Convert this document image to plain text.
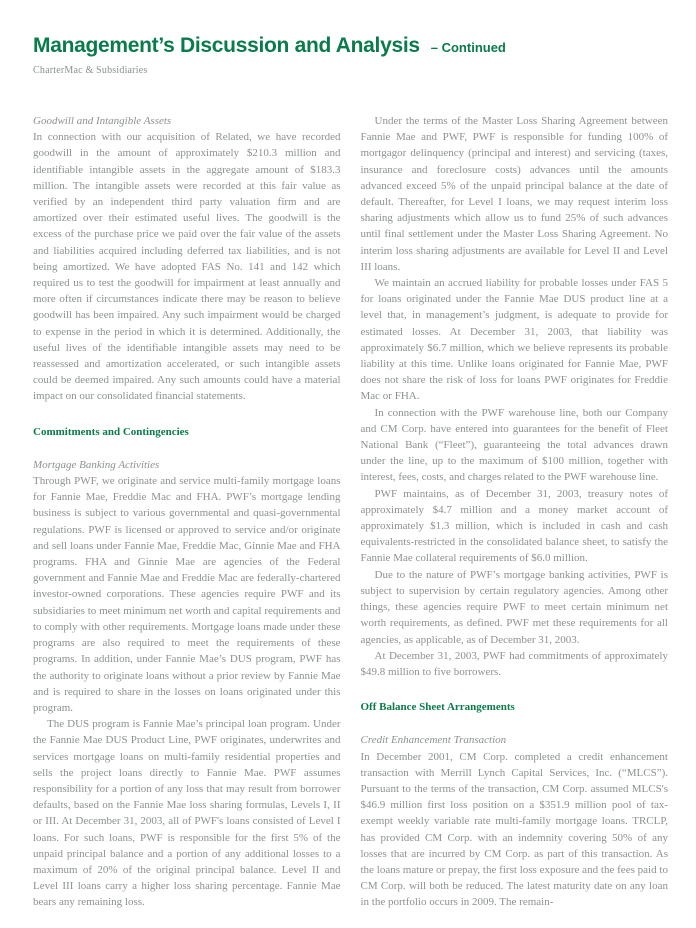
Management’s Discussion and Analysis – Continued
CharterMac & Subsidiaries
Goodwill and Intangible Assets
In connection with our acquisition of Related, we have recorded goodwill in the amount of approximately $210.3 million and identifiable intangible assets in the aggregate amount of $183.3 million. The intangible assets were recorded at this fair value as verified by an independent third party valuation firm and are amortized over their estimated useful lives. The goodwill is the excess of the purchase price we paid over the fair value of the assets and liabilities acquired including deferred tax liabilities, and is not being amortized. We have adopted FAS No. 141 and 142 which required us to test the goodwill for impairment at least annually and more often if circumstances indicate there may be reason to believe goodwill has been impaired. Any such impairment would be charged to expense in the period in which it is determined. Additionally, the useful lives of the identifiable intangible assets may need to be reassessed and amortization accelerated, or such intangible assets could be deemed impaired. Any such amounts could have a material impact on our consolidated financial statements.
Commitments and Contingencies
Mortgage Banking Activities
Through PWF, we originate and service multi-family mortgage loans for Fannie Mae, Freddie Mac and FHA. PWF’s mortgage lending business is subject to various governmental and quasi-governmental regulations. PWF is licensed or approved to service and/or originate and sell loans under Fannie Mae, Freddie Mac, Ginnie Mae and FHA programs. FHA and Ginnie Mae are agencies of the Federal government and Fannie Mae and Freddie Mac are federally-chartered investor-owned corporations. These agencies require PWF and its subsidiaries to meet minimum net worth and capital requirements and to comply with other requirements. Mortgage loans made under these programs are also required to meet the requirements of these programs. In addition, under Fannie Mae’s DUS program, PWF has the authority to originate loans without a prior review by Fannie Mae and is required to share in the losses on loans originated under this program.
The DUS program is Fannie Mae’s principal loan program. Under the Fannie Mae DUS Product Line, PWF originates, underwrites and services mortgage loans on multi-family residential properties and sells the project loans directly to Fannie Mae. PWF assumes responsibility for a portion of any loss that may result from borrower defaults, based on the Fannie Mae loss sharing formulas, Levels I, II or III. At December 31, 2003, all of PWF's loans consisted of Level I loans. For such loans, PWF is responsible for the first 5% of the unpaid principal balance and a portion of any additional losses to a maximum of 20% of the original principal balance. Level II and Level III loans carry a higher loss sharing percentage. Fannie Mae bears any remaining loss.
Under the terms of the Master Loss Sharing Agreement between Fannie Mae and PWF, PWF is responsible for funding 100% of mortgagor delinquency (principal and interest) and servicing (taxes, insurance and foreclosure costs) advances until the amounts advanced exceed 5% of the unpaid principal balance at the date of default. Thereafter, for Level I loans, we may request interim loss sharing adjustments which allow us to fund 25% of such advances until final settlement under the Master Loss Sharing Agreement. No interim loss sharing adjustments are available for Level II and Level III loans.
We maintain an accrued liability for probable losses under FAS 5 for loans originated under the Fannie Mae DUS product line at a level that, in management’s judgment, is adequate to provide for estimated losses. At December 31, 2003, that liability was approximately $6.7 million, which we believe represents its probable liability at this time. Unlike loans originated for Fannie Mae, PWF does not share the risk of loss for loans PWF originates for Freddie Mac or FHA.
In connection with the PWF warehouse line, both our Company and CM Corp. have entered into guarantees for the benefit of Fleet National Bank (“Fleet”), guaranteeing the total advances drawn under the line, up to the maximum of $100 million, together with interest, fees, costs, and charges related to the PWF warehouse line.
PWF maintains, as of December 31, 2003, treasury notes of approximately $4.7 million and a money market account of approximately $1.3 million, which is included in cash and cash equivalents-restricted in the consolidated balance sheet, to satisfy the Fannie Mae collateral requirements of $6.0 million.
Due to the nature of PWF’s mortgage banking activities, PWF is subject to supervision by certain regulatory agencies. Among other things, these agencies require PWF to meet certain minimum net worth requirements, as defined. PWF met these requirements for all agencies, as applicable, as of December 31, 2003.
At December 31, 2003, PWF had commitments of approximately $49.8 million to five borrowers.
Off Balance Sheet Arrangements
Credit Enhancement Transaction
In December 2001, CM Corp. completed a credit enhancement transaction with Merrill Lynch Capital Services, Inc. (“MLCS”). Pursuant to the terms of the transaction, CM Corp. assumed MLCS's $46.9 million first loss position on a $351.9 million pool of tax-exempt weekly variable rate multi-family mortgage loans. TRCLP, has provided CM Corp. with an indemnity covering 50% of any losses that are incurred by CM Corp. as part of this transaction. As the loans mature or prepay, the first loss exposure and the fees paid to CM Corp. will both be reduced. The latest maturity date on any loan in the portfolio occurs in 2009. The remain-
